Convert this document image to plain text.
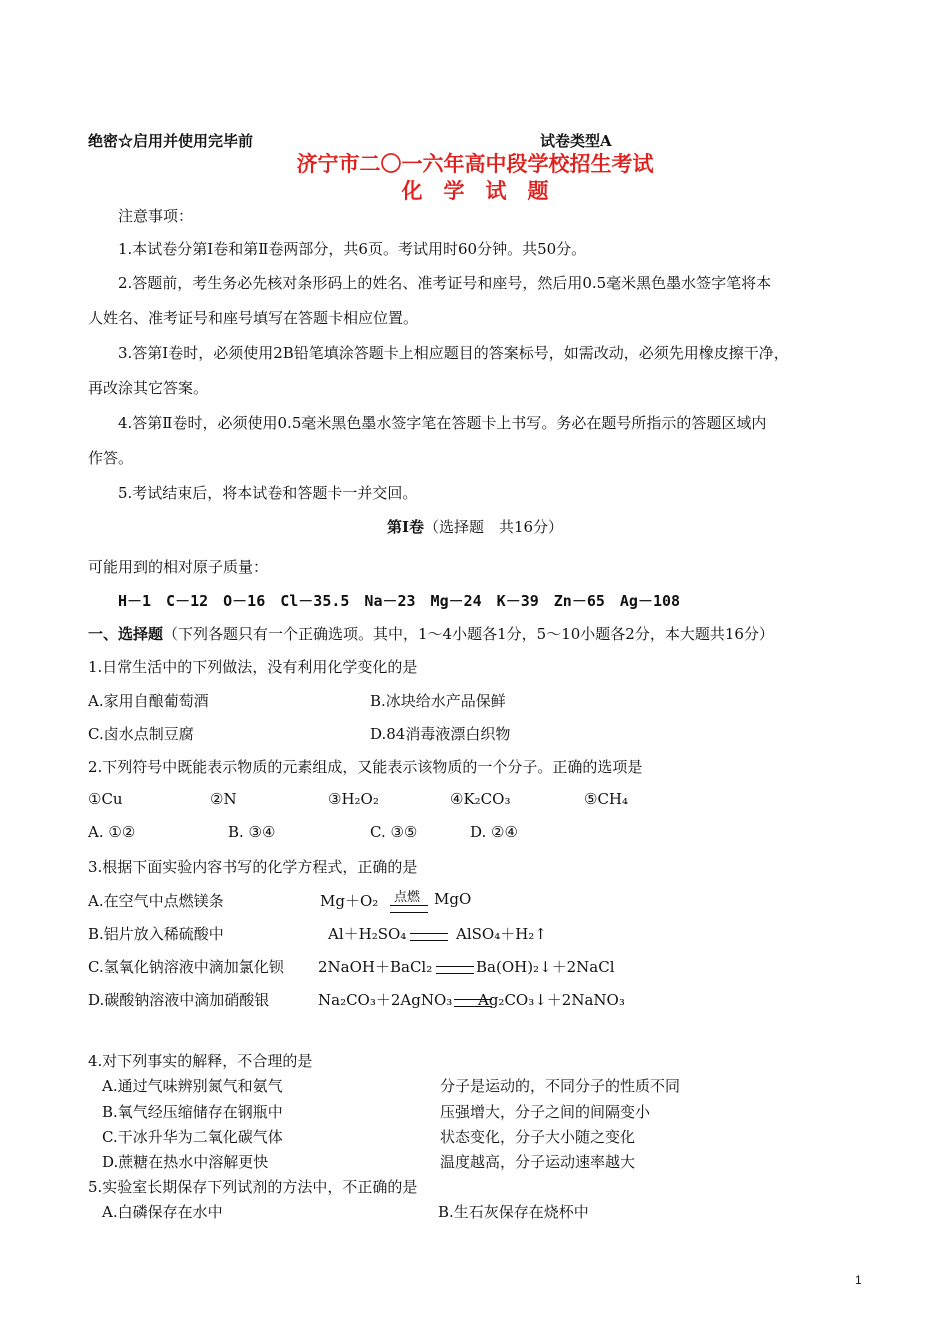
绝密☆启用并使用完毕前	试卷类型A
济宁市二〇一六年高中段学校招生考试
化　学　试　题
注意事项：
1.本试卷分第Ⅰ卷和第Ⅱ卷两部分，共6页。考试用时60分钟。共50分。
2.答题前，考生务必先核对条形码上的姓名、准考证号和座号，然后用0.5毫米黑色墨水签字笔将本
人姓名、准考证号和座号填写在答题卡相应位置。
3.答第Ⅰ卷时，必须使用2B铅笔填涂答题卡上相应题目的答案标号，如需改动，必须先用橡皮擦干净，
再改涂其它答案。
4.答第Ⅱ卷时，必须使用0.5毫米黑色墨水签字笔在答题卡上书写。务必在题号所指示的答题区域内
作答。
5.考试结束后，将本试卷和答题卡一并交回。
第Ⅰ卷（选择题　共16分）
可能用到的相对原子质量：
H－1　C－12　O－16　Cl－35.5　Na－23　Mg－24　K－39　Zn－65　Ag－108
一、选择题（下列各题只有一个正确选项。其中，1～4小题各1分，5～10小题各2分，本大题共16分）
1.日常生活中的下列做法，没有利用化学变化的是
A.家用自酿葡萄酒	B.冰块给水产品保鲜
C.卤水点制豆腐	D.84消毒液漂白织物
2.下列符号中既能表示物质的元素组成，又能表示该物质的一个分子。正确的选项是
①Cu	②N	③H₂O₂	④K₂CO₃	⑤CH₄
A. ①②	B. ③④	C. ③⑤	D. ②④
3.根据下面实验内容书写的化学方程式，正确的是
A.在空气中点燃镁条	Mg＋O₂ 点燃 MgO
B.铝片放入稀硫酸中	Al＋H₂SO₄	AlSO₄＋H₂↑
C.氢氧化钠溶液中滴加氯化钡 2NaOH＋BaCl₂	Ba(OH)₂↓＋2NaCl
D.碳酸钠溶液中滴加硝酸银	Na₂CO₃＋2AgNO₃ Ag₂CO₃↓＋2NaNO₃
4.对下列事实的解释，不合理的是
A.通过气味辨别氮气和氨气	分子是运动的，不同分子的性质不同
B.氧气经压缩储存在钢瓶中	压强增大，分子之间的间隔变小
C.干冰升华为二氧化碳气体	状态变化，分子大小随之变化
D.蔗糖在热水中溶解更快	温度越高，分子运动速率越大
5.实验室长期保存下列试剂的方法中，不正确的是
A.白磷保存在水中	B.生石灰保存在烧杯中
1
